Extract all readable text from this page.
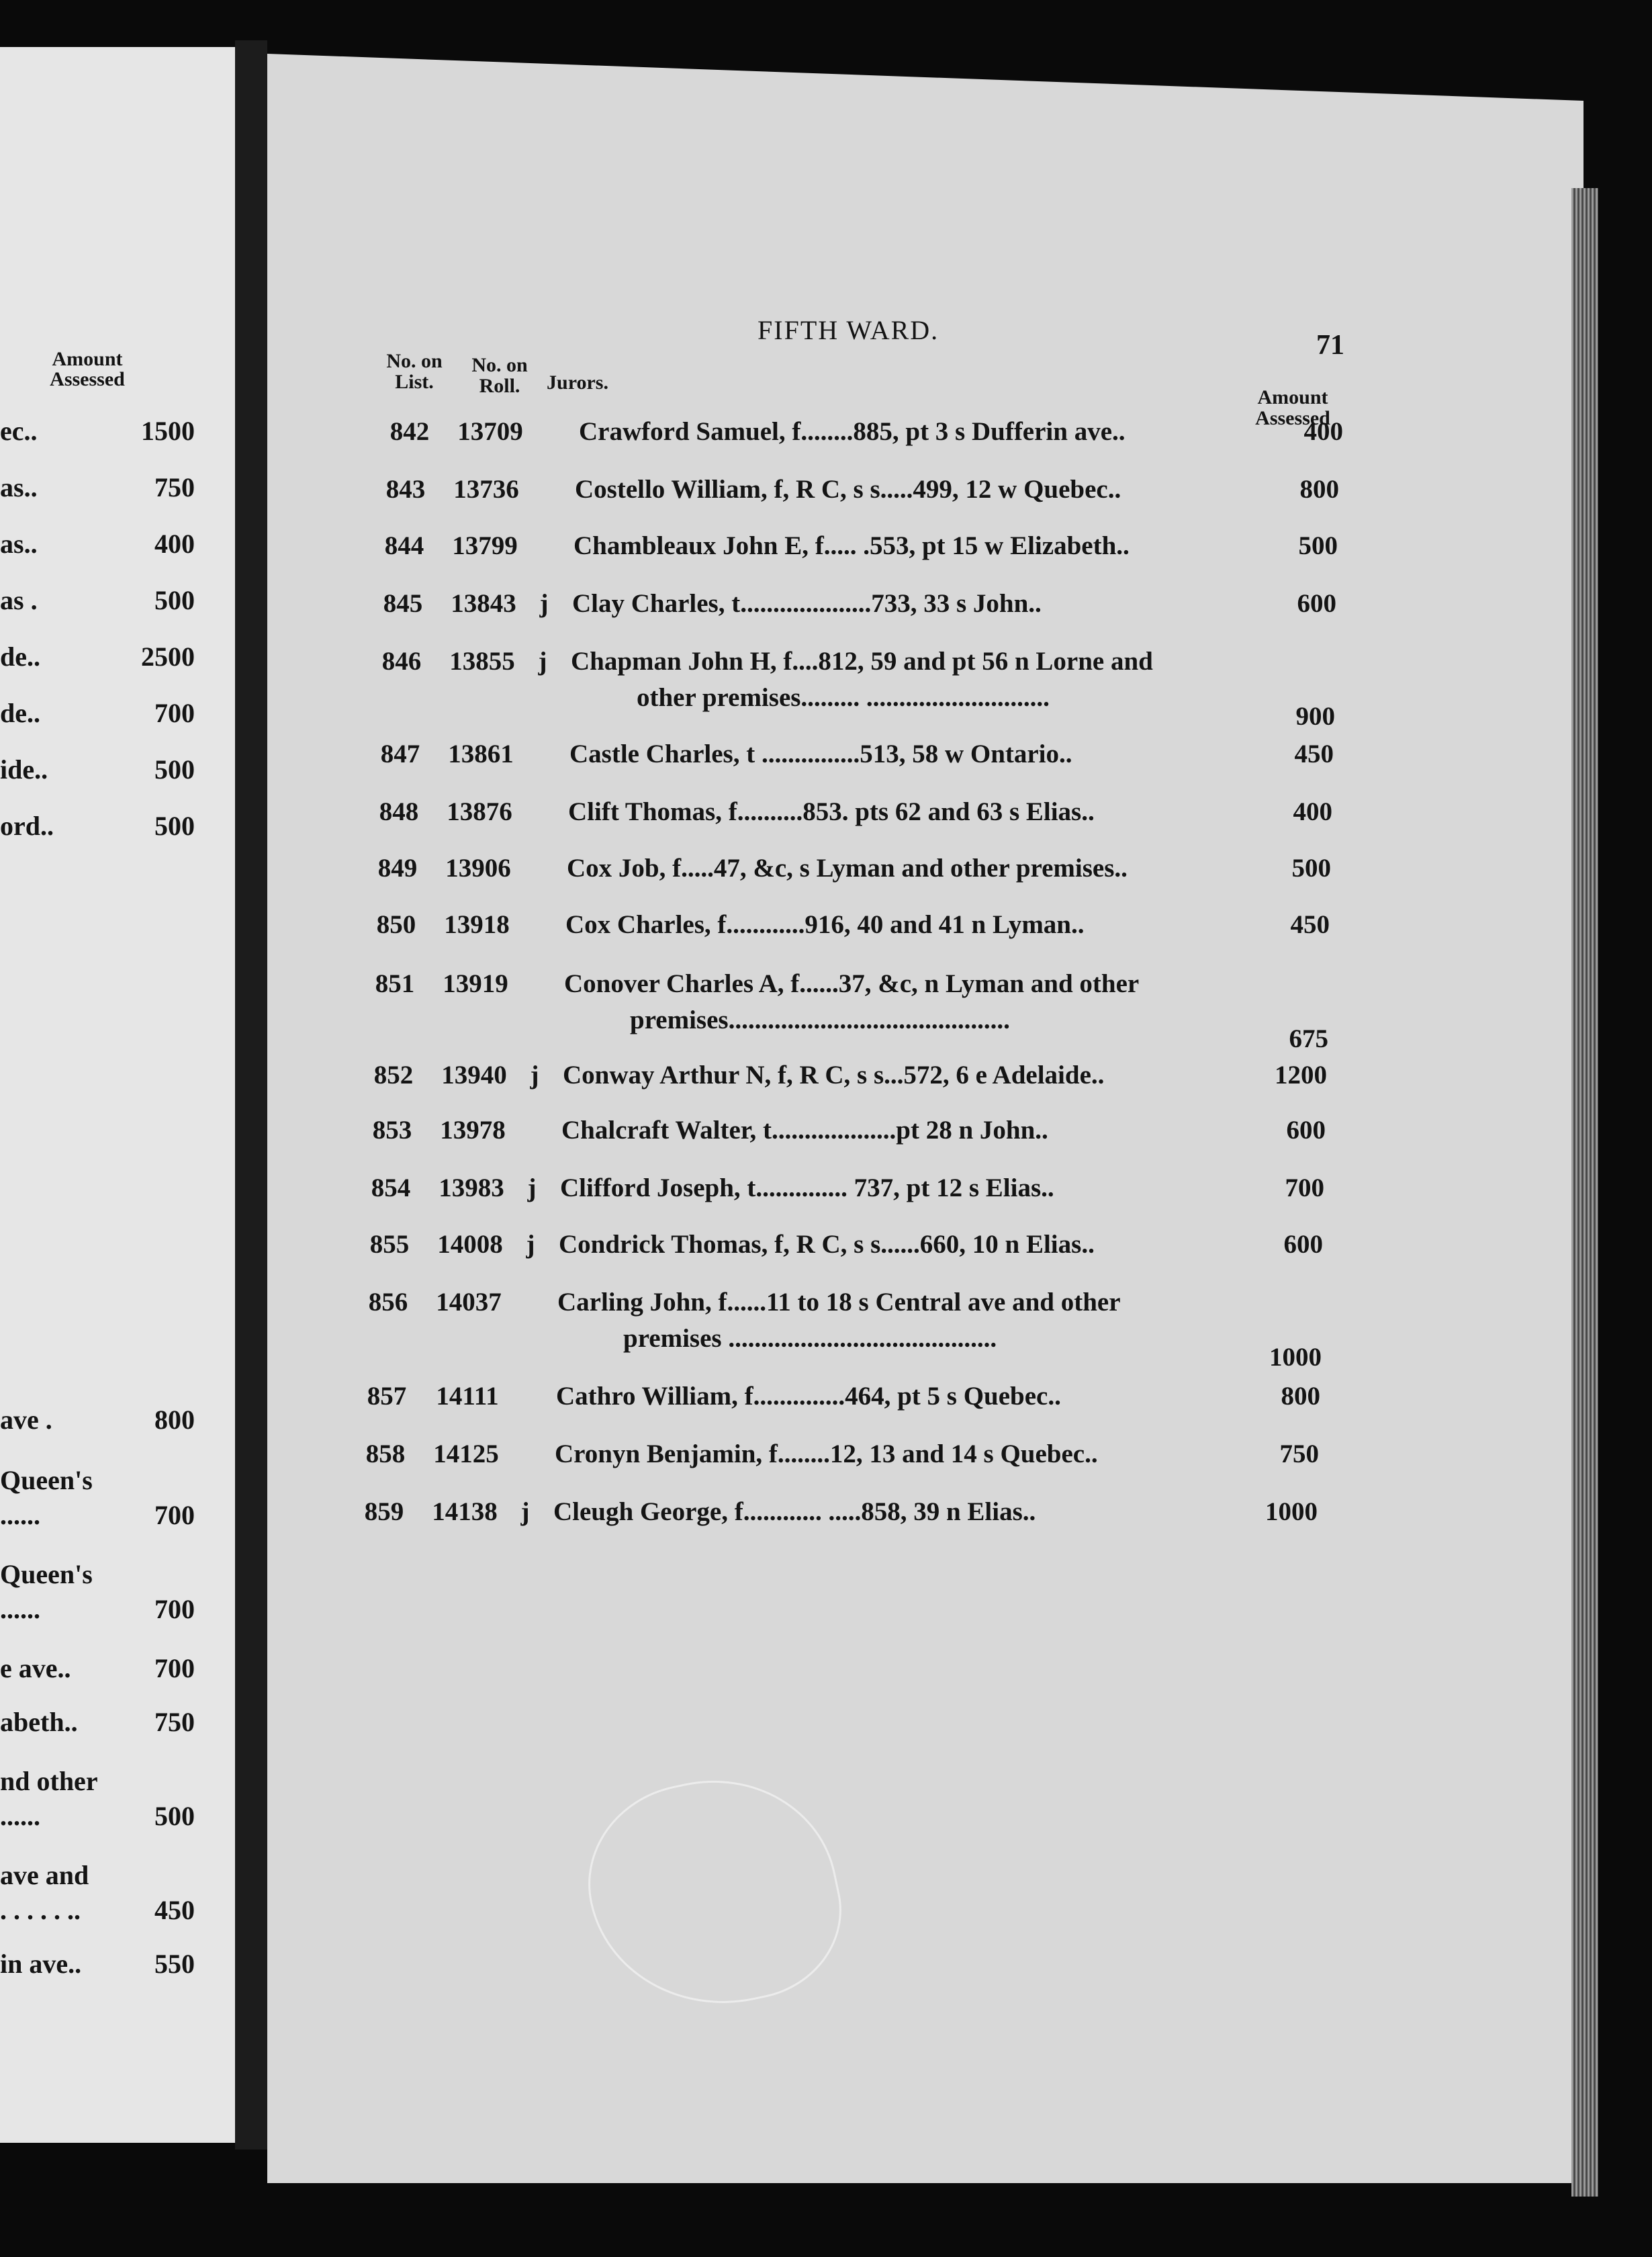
Amount
Assessed
ec..	1500
as..	750
as..	400
as .	500
de..	2500
de..	700
ide..	500
ord..	500
ave .	800
Queen's
......	700
Queen's
......	700
e ave..	700
abeth..	750
nd other
......	500
ave and
. . . . . ..	450
in ave..	550
FIFTH WARD.	71
No. on
List.
No. on
Roll.	Jurors.
Amount
Assessed
842	13709	Crawford Samuel, f........885, pt 3 s Dufferin ave..	400
843	13736	Costello William, f, R C, s s.....499, 12 w Quebec..	800
844	13799	Chambleaux John E, f..... .553, pt 15 w Elizabeth..	500
845	13843 j Clay Charles, t....................733, 33 s John..	600
846	13855 j Chapman John H, f....812, 59 and pt 56 n Lorne and
other premises......... ............................
900
847	13861	Castle Charles, t ...............513, 58 w Ontario..	450
848	13876	Clift Thomas, f..........853. pts 62 and 63 s Elias..	400
849	13906	Cox Job, f.....47, &c, s Lyman and other premises..	500
850	13918	Cox Charles, f............916, 40 and 41 n Lyman..	450
851	13919	Conover Charles A, f......37, &c, n Lyman and other
premises...........................................
675
852	13940 j Conway Arthur N, f, R C, s s...572, 6 e Adelaide..	1200
853	13978	Chalcraft Walter, t...................pt 28 n John..	600
854	13983 j Clifford Joseph, t.............. 737, pt 12 s Elias..	700
855	14008 j Condrick Thomas, f, R C, s s......660, 10 n Elias..	600
856	14037	Carling John, f......11 to 18 s Central ave and other
premises .........................................
1000
857	14111	Cathro William, f..............464, pt 5 s Quebec..	800
858	14125	Cronyn Benjamin, f........12, 13 and 14 s Quebec..	750
859	14138 j Cleugh George, f............ .....858, 39 n Elias..	1000
